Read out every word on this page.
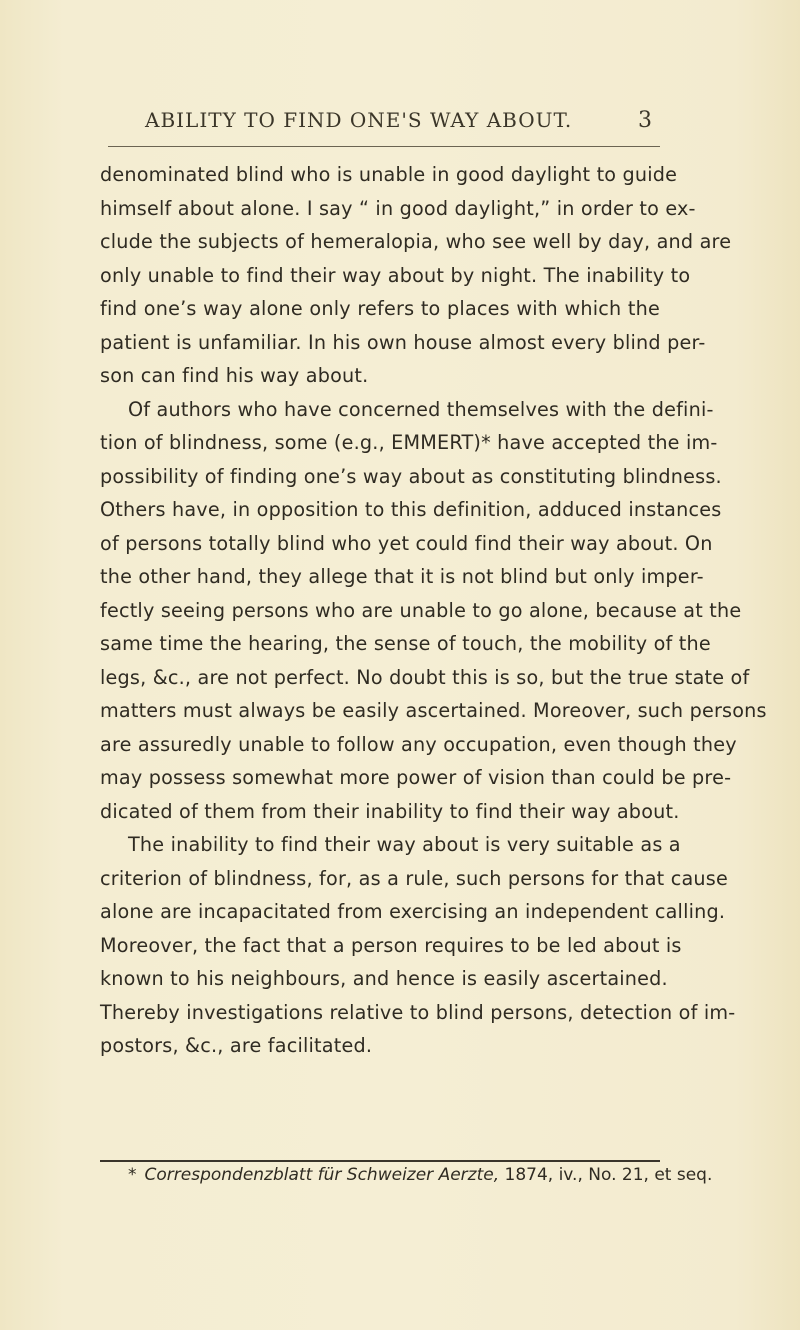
ABILITY TO FIND ONE'S WAY ABOUT.	3
denominated blind who is unable in good daylight to guide
himself about alone. I say “ in good daylight,” in order to ex-
clude the subjects of hemeralopia, who see well by day, and are
only unable to find their way about by night. The inability to
find one’s way alone only refers to places with which the
patient is unfamiliar. In his own house almost every blind per-
son can find his way about.
Of authors who have concerned themselves with the defini-
tion of blindness, some (e.g., EMMERT)* have accepted the im-
possibility of finding one’s way about as constituting blindness.
Others have, in opposition to this definition, adduced instances
of persons totally blind who yet could find their way about. On
the other hand, they allege that it is not blind but only imper-
fectly seeing persons who are unable to go alone, because at the
same time the hearing, the sense of touch, the mobility of the
legs, &c., are not perfect. No doubt this is so, but the true state of
matters must always be easily ascertained. Moreover, such persons
are assuredly unable to follow any occupation, even though they
may possess somewhat more power of vision than could be pre-
dicated of them from their inability to find their way about.
The inability to find their way about is very suitable as a
criterion of blindness, for, as a rule, such persons for that cause
alone are incapacitated from exercising an independent calling.
Moreover, the fact that a person requires to be led about is
known to his neighbours, and hence is easily ascertained.
Thereby investigations relative to blind persons, detection of im-
postors, &c., are facilitated.
* Correspondenzblatt für Schweizer Aerzte, 1874, iv., No. 21, et seq.
